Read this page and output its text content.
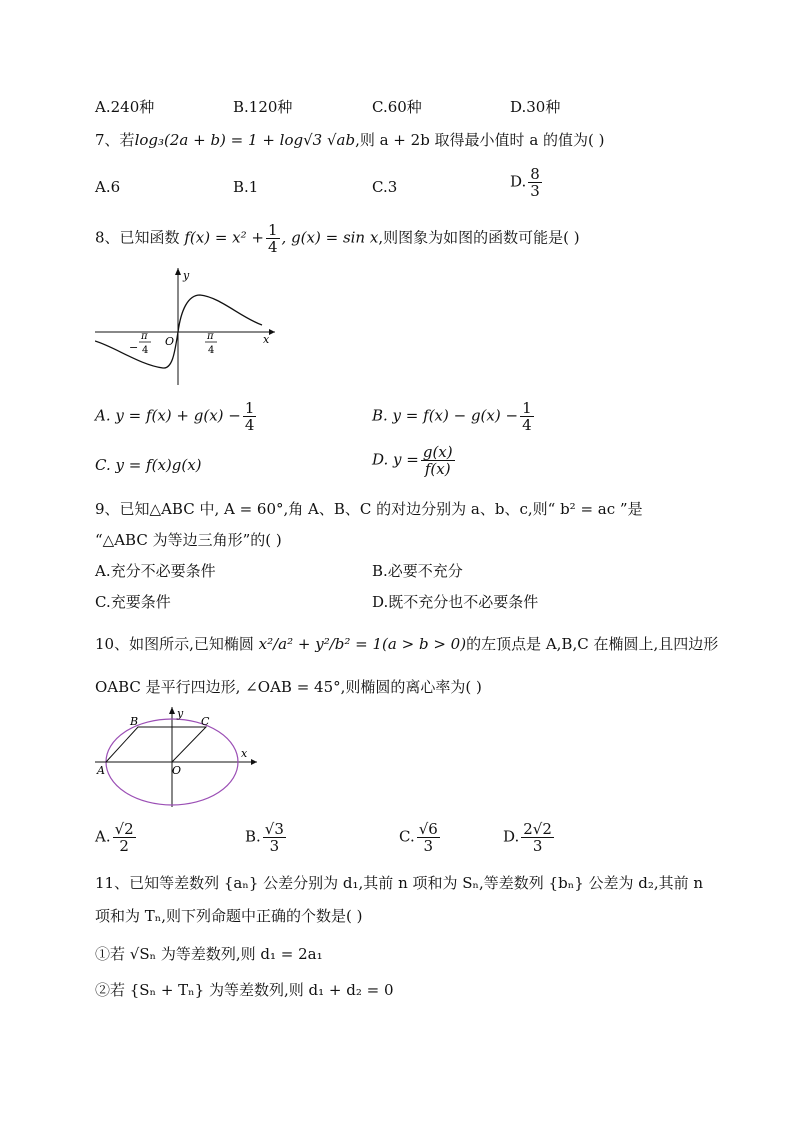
A.240种	B.120种	C.60种	D.30种
7、若log₃(2a + b) = 1 + log√3 √ab,则 a + 2b 取得最小值时 a 的值为( )
A.6	B.1	C.3	D. $\frac{8}{3}$
8、已知函数 $f(x) = x^2 + \frac{1}{4}$ , g(x) = sin x,则图象为如图的函数可能是( )
y
x
O
−
π
4
π
4
A. $y = f(x) + g(x) - \frac{1}{4}$	B. $y = f(x) - g(x) - \frac{1}{4}$
C. y = f(x)g(x)	D. $y = \frac{g(x)}{f(x)}$
9、已知△ABC 中, A = 60°,角 A、B、C 的对边分别为 a、b、c,则“ b² = ac ”是
“△ABC 为等边三角形”的( )
A.充分不必要条件	B.必要不充分
C.充要条件	D.既不充分也不必要条件
10、如图所示,已知椭圆 x²/a² + y²/b² = 1(a > b > 0)的左顶点是 A,B,C 在椭圆上,且四边形
OABC 是平行四边形, ∠OAB = 45°,则椭圆的离心率为( )
A
B	C
O
y
x
A. $\frac{√2}{2}$	B. $\frac{√3}{3}$	C. $\frac{√6}{3}$	D. $\frac{2√2}{3}$
11、已知等差数列 {aₙ} 公差分别为 d₁,其前 n 项和为 Sₙ,等差数列 {bₙ} 公差为 d₂,其前 n
项和为 Tₙ,则下列命题中正确的个数是( )
①若 √Sₙ 为等差数列,则 d₁ = 2a₁
②若 {Sₙ + Tₙ} 为等差数列,则 d₁ + d₂ = 0
